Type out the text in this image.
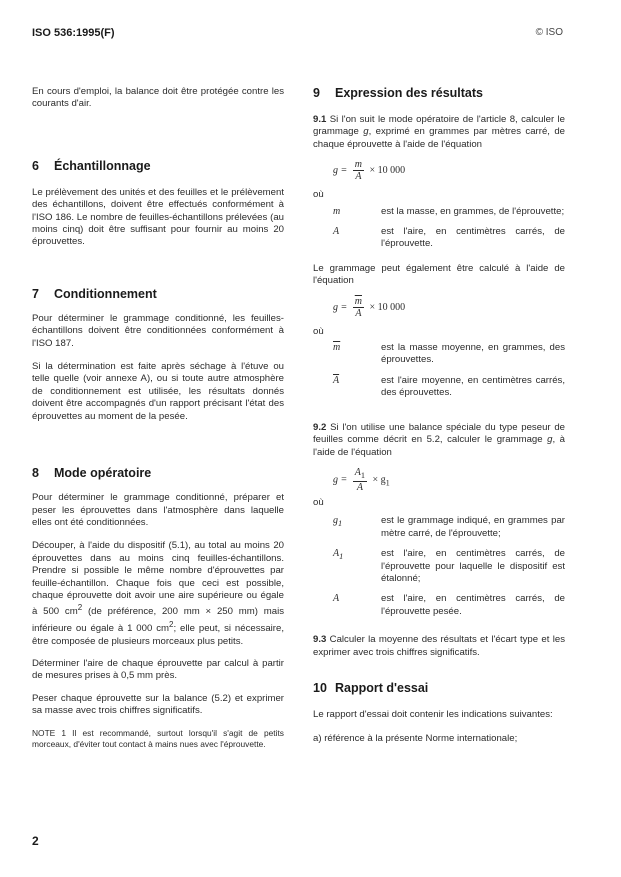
ISO 536:1995(F)	© ISO

En cours d'emploi, la balance doit être protégée contre les courants d'air.

6 Échantillonnage

Le prélèvement des unités et des feuilles et le prélèvement des échantillons, doivent être effectués conformément à l'ISO 186. Le nombre de feuilles-échantillons prélevées (au moins cinq) doit être suffisant pour fournir au moins 20 éprouvettes.

7 Conditionnement

Pour déterminer le grammage conditionné, les feuilles-échantillons doivent être conditionnées conformément à l'ISO 187.

Si la détermination est faite après séchage à l'étuve ou telle quelle (voir annexe A), ou si toute autre atmosphère de conditionnement est utilisée, les résultats donnés doivent être accompagnés d'un rapport précisant l'état des éprouvettes au moment de la pesée.

8 Mode opératoire

Pour déterminer le grammage conditionné, préparer et peser les éprouvettes dans l'atmosphère dans laquelle elles ont été conditionnées.

Découper, à l'aide du dispositif (5.1), au total au moins 20 éprouvettes dans au moins cinq feuilles-échantillons. Prendre si possible le même nombre d'éprouvettes par feuille-échantillon. Chaque fois que ceci est possible, chaque éprouvette doit avoir une aire supérieure ou égale à 500 $cm^2$ (de préférence, 200 mm × 250 mm) mais inférieure ou égale à 1 000 $cm^2$; elle peut, si nécessaire, être composée de plusieurs morceaux plus petits.

Déterminer l'aire de chaque éprouvette par calcul à partir de mesures prises à 0,5 mm près.

Peser chaque éprouvette sur la balance (5.2) et exprimer sa masse avec trois chiffres significatifs.

NOTE 1 Il est recommandé, surtout lorsqu'il s'agit de petits morceaux, d'éviter tout contact à mains nues avec l'éprouvette.

9 Expression des résultats

9.1 Si l'on suit le mode opératoire de l'article 8, calculer le grammage g, exprimé en grammes par mètres carré, de chaque éprouvette à l'aide de l'équation

$g = \frac{m}{A} \times 10$ 000

où

m	est la masse, en grammes, de l'éprouvette;
A	est l'aire, en centimètres carrés, de l'éprouvette.

Le grammage peut également être calculé à l'aide de l'équation

$g = \frac{\overline{m}}{A} \times 10$ 000

où

$\overline{m}$	est la masse moyenne, en grammes, des éprouvettes.
$\overline{A}$	est l'aire moyenne, en centimètres carrés, des éprouvettes.

9.2 Si l'on utilise une balance spéciale du type peseur de feuilles comme décrit en 5.2, calculer le grammage g, à l'aide de l'équation

$g = \frac{A_1}{A} \times g_1$

où

$g_1$	est le grammage indiqué, en grammes par mètre carré, de l'éprouvette;
$A_1$	est l'aire, en centimètres carrés, de l'éprouvette pour laquelle le dispositif est étalonné;
A	est l'aire, en centimètres carrés, de l'éprouvette pesée.

9.3 Calculer la moyenne des résultats et l'écart type et les exprimer avec trois chiffres significatifs.

10 Rapport d'essai

Le rapport d'essai doit contenir les indications suivantes:

a) référence à la présente Norme internationale;

2
